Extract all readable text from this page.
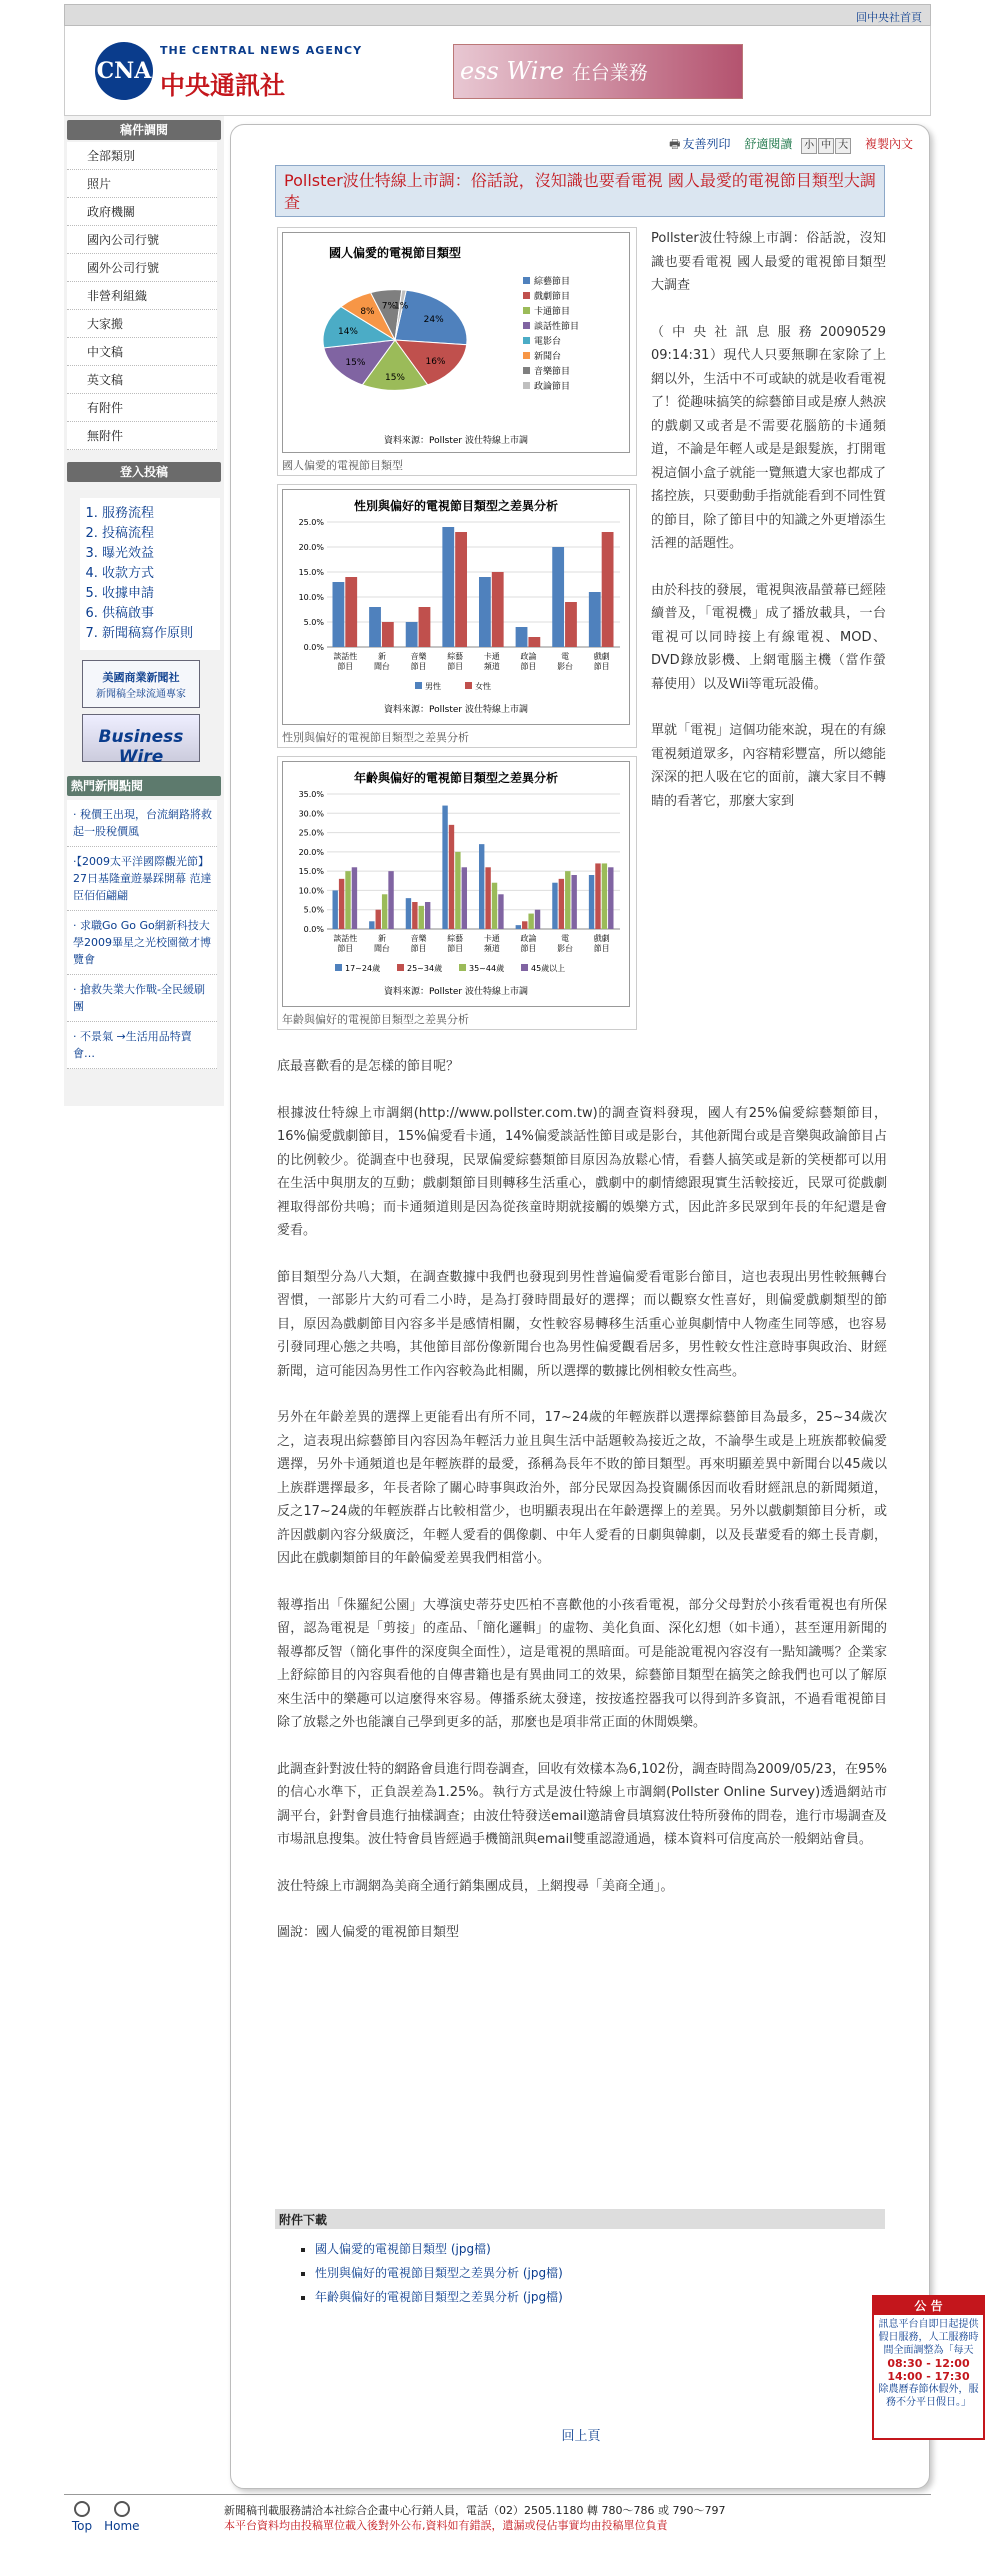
回中央社首頁
CNA
THE CENTRAL NEWS AGENCY
中央通訊社	ess Wire 在台業務
稿件調閱
全部類別
照片
政府機關
國內公司行號
國外公司行號
非營利組織
大家搬
中文稿
英文稿
有附件
無附件
登入投稿
1. 服務流程
2. 投稿流程
3. 曝光效益
4. 收款方式
5. 收據申請
6. 供稿啟事
7. 新聞稿寫作原則
美國商業新聞社
新聞稿全球流通專家
Business Wire
熱門新聞點閱
‧ 稅價王出現，台流網路將救起一股稅價風
‧【2009太平洋國際觀光節】 27日基隆童遊暴踩開幕 范達臣佰佰翩翩
‧ 求職Go Go Go網新科技大學2009畢星之光校園徵才博覽會
‧ 搶救失業大作戰-全民緩刷團
‧ 不景氣 →生活用品特賣會…
🖶 友善列印 舒適閱讀 小 中 大 複製內文
Pollster波仕特線上市調：俗話說，沒知識也要看電視 國人最愛的電視節目類型大調查
國人偏愛的電視節目類型
24%
16%
15%
15%
14%
8%
7%
1%
綜藝節目
戲劇節目
卡通節目
談話性節目
電影台
新聞台
音樂節目
政論節目
資料來源：Pollster 波仕特線上市調
國人偏愛的電視節目類型
性別與偏好的電視節目類型之差異分析
0.0%
5.0%
10.0%
15.0%
20.0%
25.0%
談話性
節目
新
聞台
音樂
節目
綜藝
節目
卡通
頻道
政論
節目
電
影台
戲劇
節目
男性	女性
資料來源：Pollster 波仕特線上市調
性別與偏好的電視節目類型之差異分析
年齡與偏好的電視節目類型之差異分析
0.0%
5.0%
10.0%
15.0%
20.0%
25.0%
30.0%
35.0%
談話性
節目
新
聞台
音樂
節目
綜藝
節目
卡通
頻道
政論
節目
電
影台
戲劇
節目
17~24歲	25~34歲	35~44歲	45歲以上
資料來源：Pollster 波仕特線上市調
年齡與偏好的電視節目類型之差異分析

Pollster波仕特線上市調：俗話說，沒知識也要看電視 國人最愛的電視節目類型大調查

（中央社訊息服務20090529 09:14:31）現代人只要無聊在家除了上網以外，生活中不可或缺的就是收看電視了！從趣味搞笑的綜藝節目或是療人熱淚的戲劇又或者是不需要花腦筋的卡通頻道，不論是年輕人或是是銀髮族，打開電視這個小盒子就能一覽無遺大家也都成了搖控族，只要動動手指就能看到不同性質的節目，除了節目中的知識之外更增添生活裡的話題性。

由於科技的發展，電視與液晶螢幕已經陸續普及，「電視機」成了播放載具，一台電視可以同時接上有線電視、MOD、DVD錄放影機、上網電腦主機（當作螢幕使用）以及Wii等電玩設備。

單就「電視」這個功能來說，現在的有線電視頻道眾多，內容精彩豐富，所以總能深深的把人吸在它的面前，讓大家目不轉睛的看著它，那麼大家到

底最喜歡看的是怎樣的節目呢？

根據波仕特線上市調網(http://www.pollster.com.tw)的調查資料發現，國人有25%偏愛綜藝類節目，16%偏愛戲劇節目，15%偏愛看卡通，14%偏愛談話性節目或是影台，其他新聞台或是音樂與政論節目占的比例較少。從調查中也發現，民眾偏愛綜藝類節目原因為放鬆心情，看藝人搞笑或是新的笑梗都可以用在生活中與朋友的互動；戲劇類節目則轉移生活重心，戲劇中的劇情總跟現實生活較接近，民眾可從戲劇裡取得部份共鳴；而卡通頻道則是因為從孩童時期就接觸的娛樂方式，因此許多民眾到年長的年紀還是會愛看。

節目類型分為八大類，在調查數據中我們也發現到男性普遍偏愛看電影台節目，這也表現出男性較無轉台習慣，一部影片大約可看二小時，是為打發時間最好的選擇；而以觀察女性喜好，則偏愛戲劇類型的節目，原因為戲劇節目內容多半是感情相關，女性較容易轉移生活重心並與劇情中人物產生同等感，也容易引發同理心態之共鳴，其他節目部份像新聞台也為男性偏愛觀看居多，男性較女性注意時事與政治、財經新聞，這可能因為男性工作內容較為此相關，所以選擇的數據比例相較女性高些。

另外在年齡差異的選擇上更能看出有所不同，17~24歲的年輕族群以選擇綜藝節目為最多，25~34歲次之，這表現出綜藝節目內容因為年輕活力並且與生活中話題較為接近之故，不論學生或是上班族都較偏愛選擇，另外卡通頻道也是年輕族群的最愛，孫稱為長年不敗的節目類型。再來明顯差異中新聞台以45歲以上族群選擇最多，年長者除了關心時事與政治外，部分民眾因為投資關係因而收看財經訊息的新聞頻道，反之17~24歲的年輕族群占比較相當少，也明顯表現出在年齡選擇上的差異。另外以戲劇類節目分析，或許因戲劇內容分級廣泛，年輕人愛看的偶像劇、中年人愛看的日劇與韓劇，以及長輩愛看的鄉土長青劇，因此在戲劇類節目的年齡偏愛差異我們相當小。

報導指出「侏羅紀公園」大導演史蒂芬史匹柏不喜歡他的小孩看電視，部分父母對於小孩看電視也有所保留，認為電視是「剪接」的產品、「簡化邏輯」的虛物、美化負面、深化幻想（如卡通），甚至運用新聞的報導都反智（簡化事件的深度與全面性），這是電視的黑暗面。可是能說電視內容沒有一點知識嗎？企業家上舒綜節目的內容與看他的自傳書籍也是有異曲同工的效果，綜藝節目類型在搞笑之餘我們也可以了解原來生活中的樂趣可以這麼得來容易。傳播系統太發達，按按遙控器我可以得到許多資訊，不過看電視節目除了放鬆之外也能讓自己學到更多的話，那麼也是項非常正面的休閒娛樂。

此調查針對波仕特的網路會員進行問卷調查，回收有效樣本為6,102份，調查時間為2009/05/23，在95%的信心水準下，正負誤差為1.25%。執行方式是波仕特線上市調網(Pollster Online Survey)透過網站市調平台，針對會員進行抽樣調查；由波仕特發送email邀請會員填寫波仕特所發佈的問卷，進行市場調查及市場訊息搜集。波仕特會員皆經過手機簡訊與email雙重認證通過，樣本資料可信度高於一般網站會員。

波仕特線上市調網為美商全通行銷集團成員，上網搜尋「美商全通」。

圖說：國人偏愛的電視節目類型

附件下載
▪ 國人偏愛的電視節目類型 (jpg檔)
▪ 性別與偏好的電視節目類型之差異分析 (jpg檔)
▪ 年齡與偏好的電視節目類型之差異分析 (jpg檔)
回上頁
Top Home
新聞稿刊載服務請洽本社綜合企畫中心行銷人員，電話（02）2505.1180 轉 780～786 或 790～797
本平台資料均由投稿單位載入後對外公布,資料如有錯誤，遺漏或侵佔事實均由投稿單位負責
公 告

訊息平台自即日起提供假日服務，人工服務時間全面調整為「每天
08:30 - 12:00
14:00 - 17:30
除農曆春節休假外，服務不分平日假日。」
